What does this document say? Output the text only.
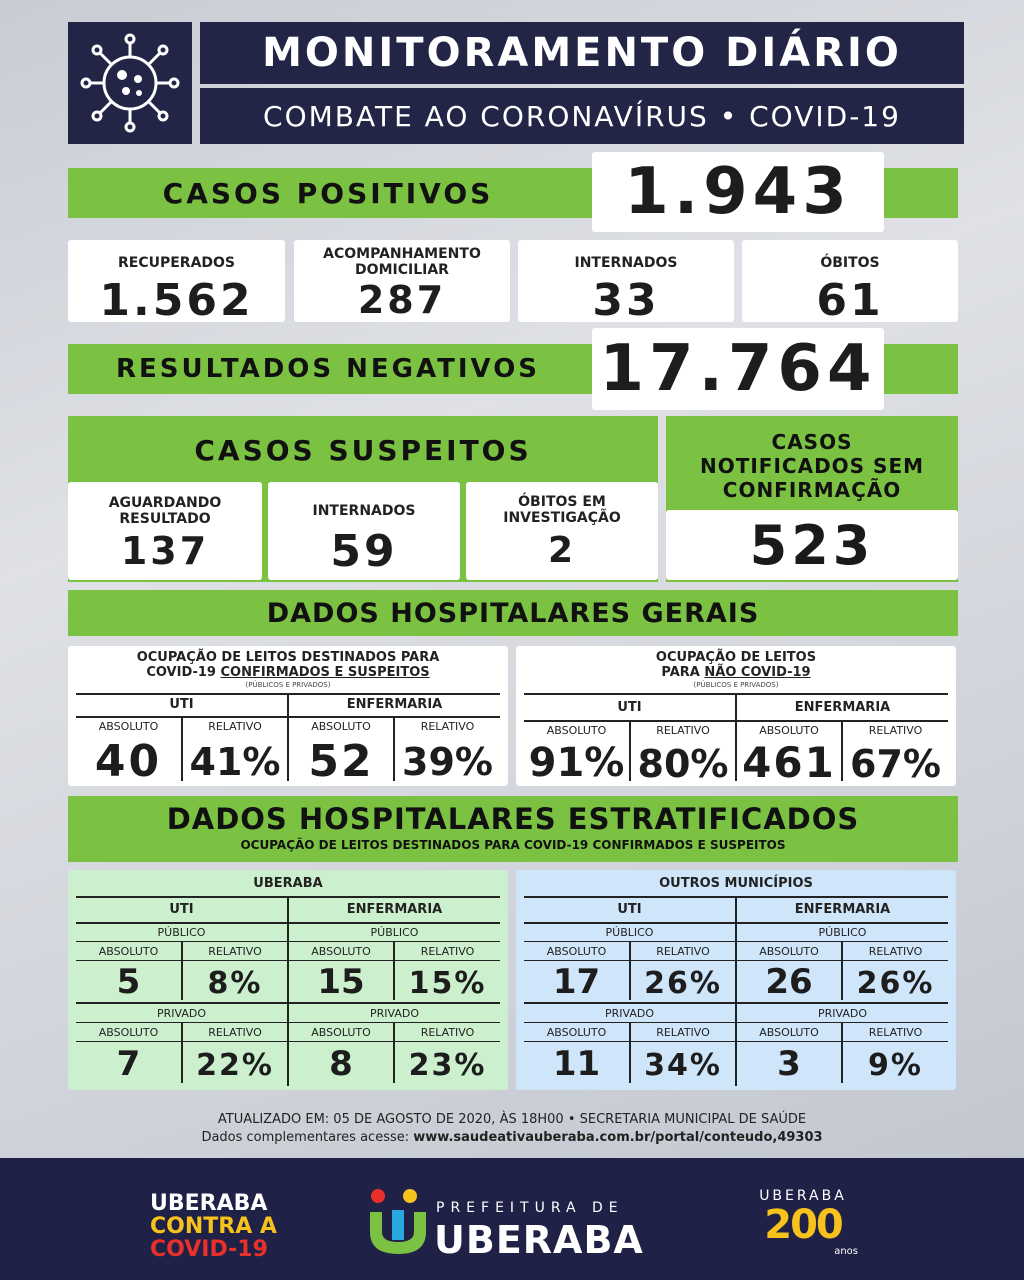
MONITORAMENTO DIÁRIO
COMBATE AO CORONAVÍRUS • COVID-19
CASOS POSITIVOS	1.943
RECUPERADOS
1.562
ACOMPANHAMENTO DOMICILIAR
287
INTERNADOS
33
ÓBITOS
61
RESULTADOS NEGATIVOS 17.764
CASOS SUSPEITOS
AGUARDANDO RESULTADO
137
INTERNADOS
59
ÓBITOS EM INVESTIGAÇÃO
2
CASOS NOTIFICADOS SEM CONFIRMAÇÃO
523
DADOS HOSPITALARES GERAIS
OCUPAÇÃO DE LEITOS DESTINADOS PARA
COVID-19 CONFIRMADOS E SUSPEITOS
(PÚBLICOS E PRIVADOS)
UTI	ENFERMARIA
ABSOLUTO	RELATIVO	ABSOLUTO	RELATIVO
40 41% 52 39%
OCUPAÇÃO DE LEITOS
PARA NÃO COVID-19
(PÚBLICOS E PRIVADOS)
UTI	ENFERMARIA
ABSOLUTO	RELATIVO	ABSOLUTO	RELATIVO
91% 80% 461 67%
DADOS HOSPITALARES ESTRATIFICADOS
OCUPAÇÃO DE LEITOS DESTINADOS PARA COVID-19 CONFIRMADOS E SUSPEITOS
UBERABA
UTI	ENFERMARIA
PÚBLICO	PÚBLICO
ABSOLUTO	RELATIVO	ABSOLUTO	RELATIVO
5	8%	15	15%
PRIVADO	PRIVADO
ABSOLUTO	RELATIVO	ABSOLUTO	RELATIVO
7	22%	8	23%
OUTROS MUNICÍPIOS
UTI	ENFERMARIA
PÚBLICO	PÚBLICO
ABSOLUTO	RELATIVO	ABSOLUTO	RELATIVO
17	26%	26	26%
PRIVADO	PRIVADO
ABSOLUTO	RELATIVO	ABSOLUTO	RELATIVO
11	34%	3	9%
ATUALIZADO EM: 05 DE AGOSTO DE 2020, ÀS 18H00 • SECRETARIA MUNICIPAL DE SAÚDE
Dados complementares acesse:
www.saudeativauberaba.com.br/portal/conteudo,49303
UBERABA
CONTRA A
COVID-19
PREFEITURA DE
UBERABA
UBERABA
200
anos
